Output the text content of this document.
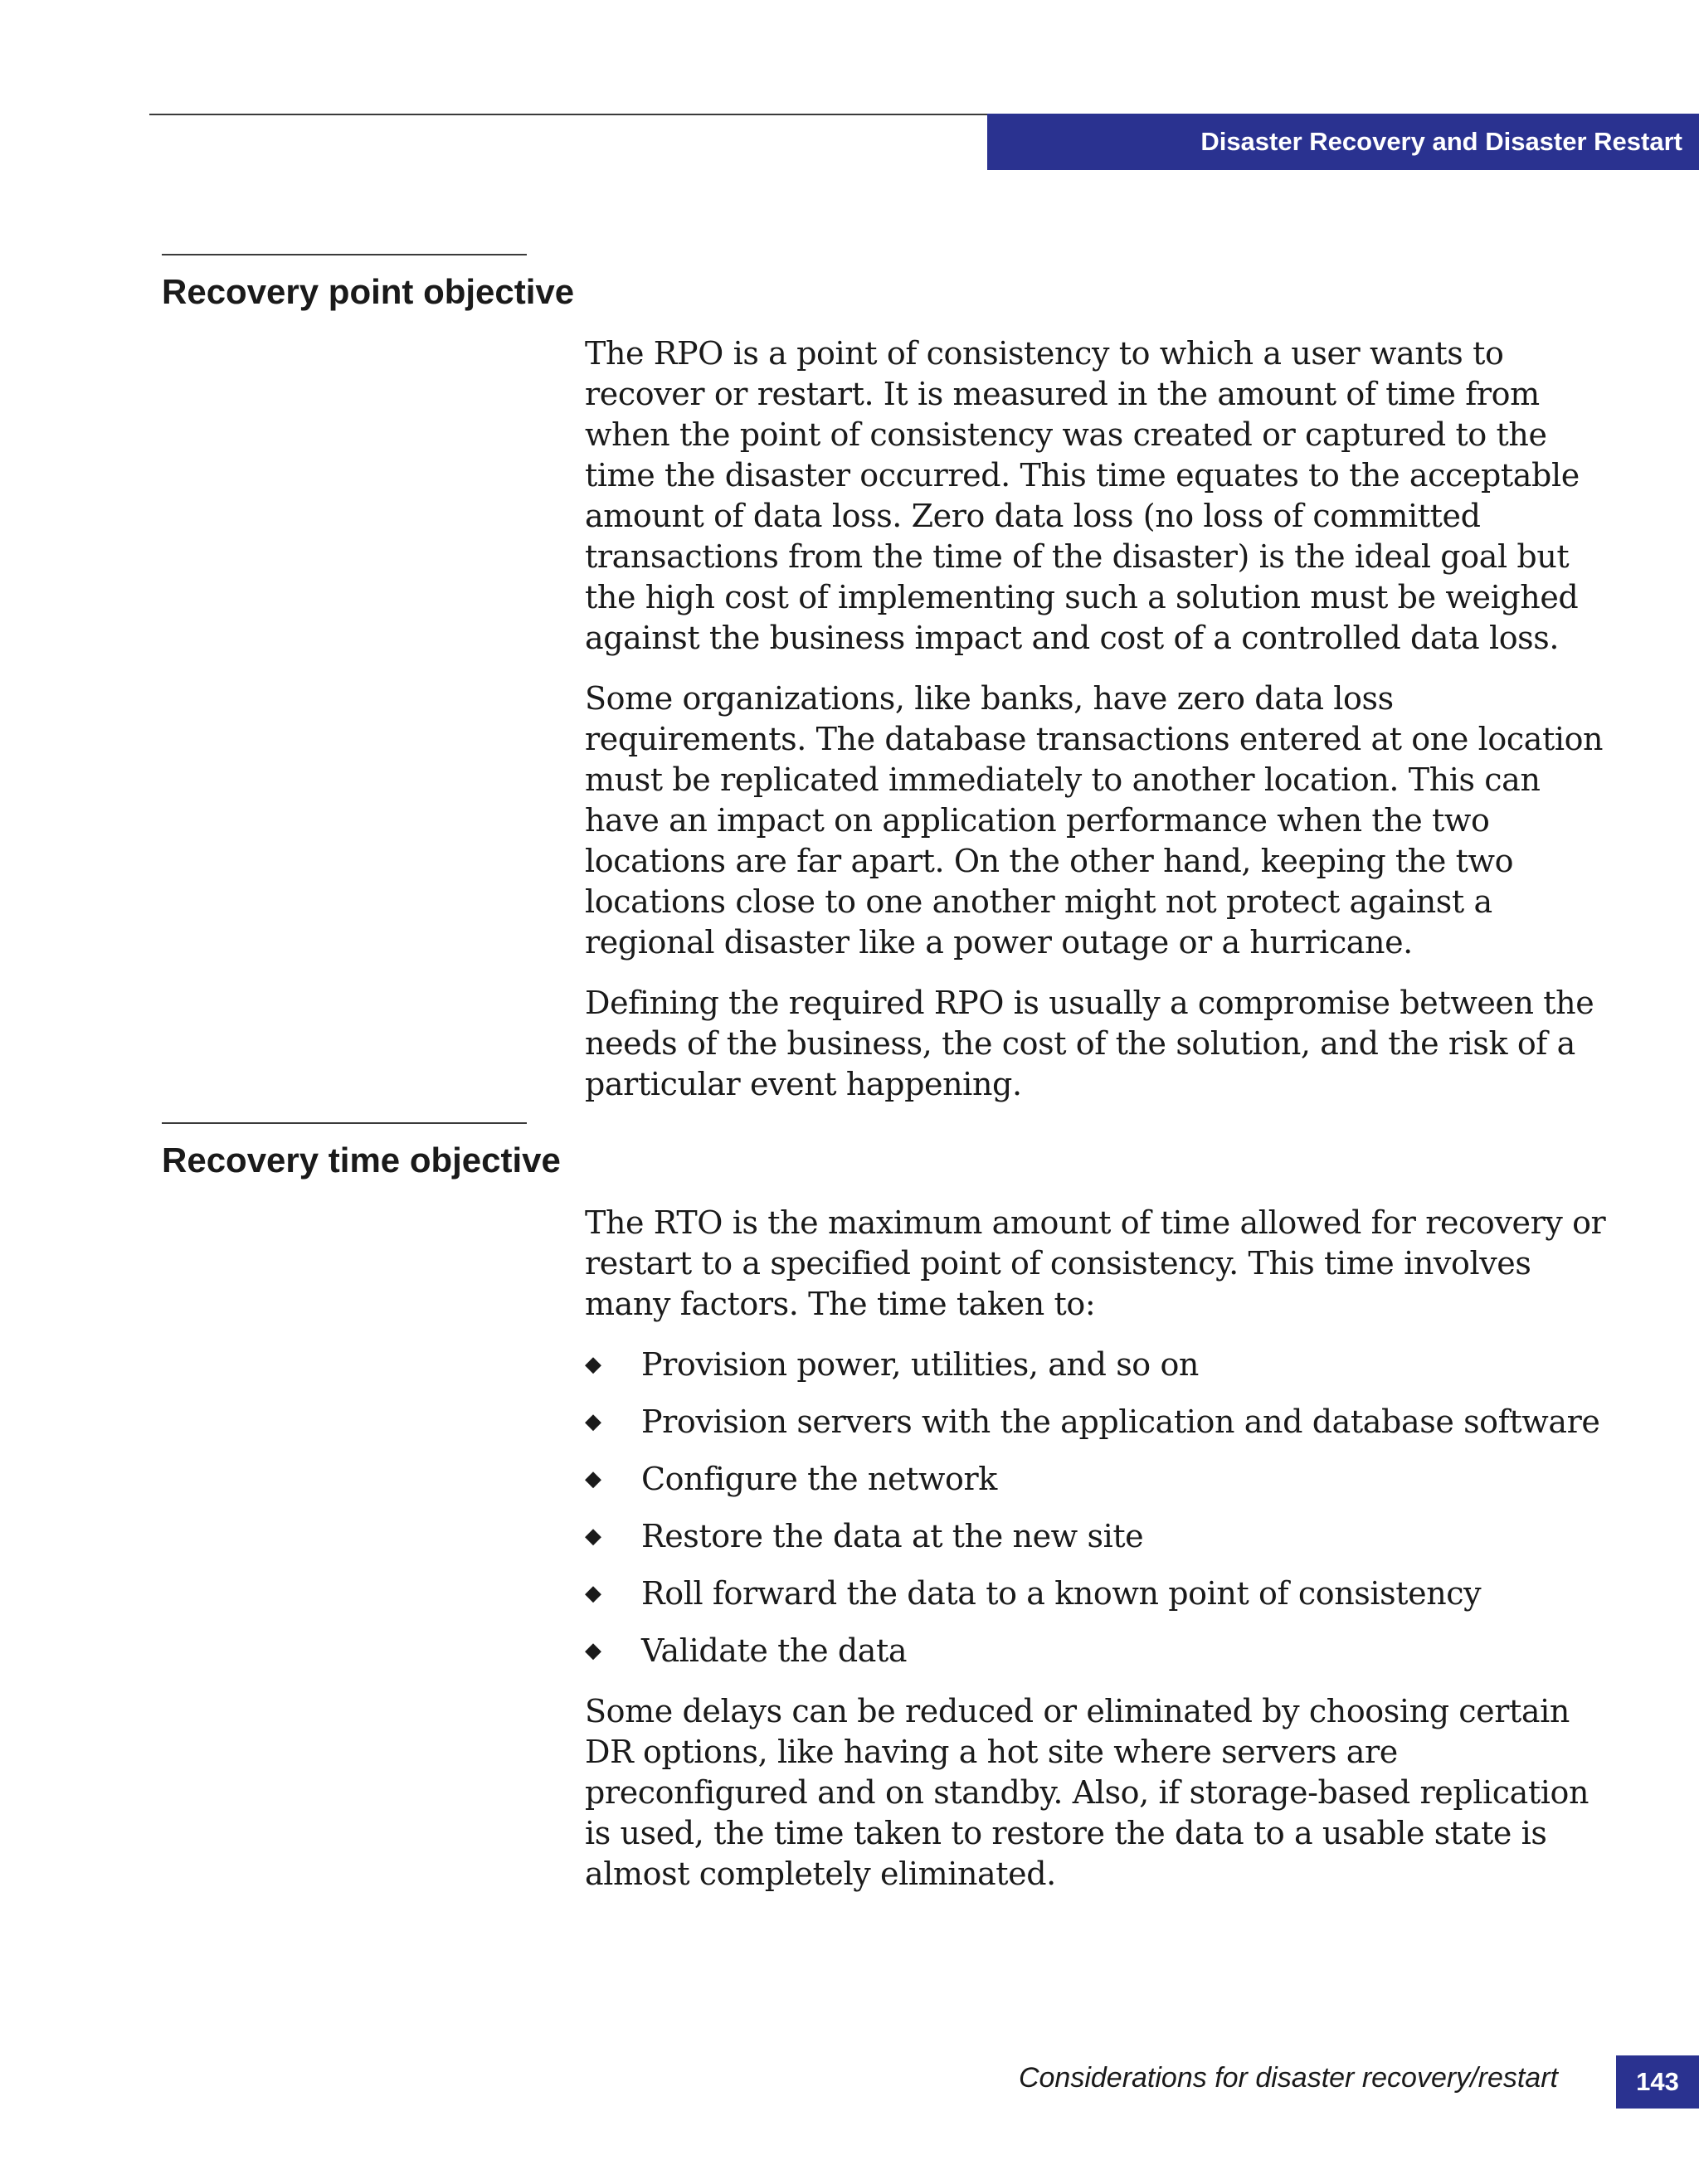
Disaster Recovery and Disaster Restart
Recovery point objective

The RPO is a point of consistency to which a user wants to recover or restart. It is measured in the amount of time from when the point of consistency was created or captured to the time the disaster occurred. This time equates to the acceptable amount of data loss. Zero data loss (no loss of committed transactions from the time of the disaster) is the ideal goal but the high cost of implementing such a solution must be weighed against the business impact and cost of a controlled data loss.

Some organizations, like banks, have zero data loss requirements. The database transactions entered at one location must be replicated immediately to another location. This can have an impact on application performance when the two locations are far apart. On the other hand, keeping the two locations close to one another might not protect against a regional disaster like a power outage or a hurricane.

Defining the required RPO is usually a compromise between the needs of the business, the cost of the solution, and the risk of a particular event happening.

Recovery time objective

The RTO is the maximum amount of time allowed for recovery or restart to a specified point of consistency. This time involves many factors. The time taken to:

◆ Provision power, utilities, and so on
◆ Provision servers with the application and database software
◆ Configure the network
◆ Restore the data at the new site
◆ Roll forward the data to a known point of consistency
◆ Validate the data

Some delays can be reduced or eliminated by choosing certain DR options, like having a hot site where servers are preconfigured and on standby. Also, if storage-based replication is used, the time taken to restore the data to a usable state is almost completely eliminated.

Considerations for disaster recovery/restart	143
